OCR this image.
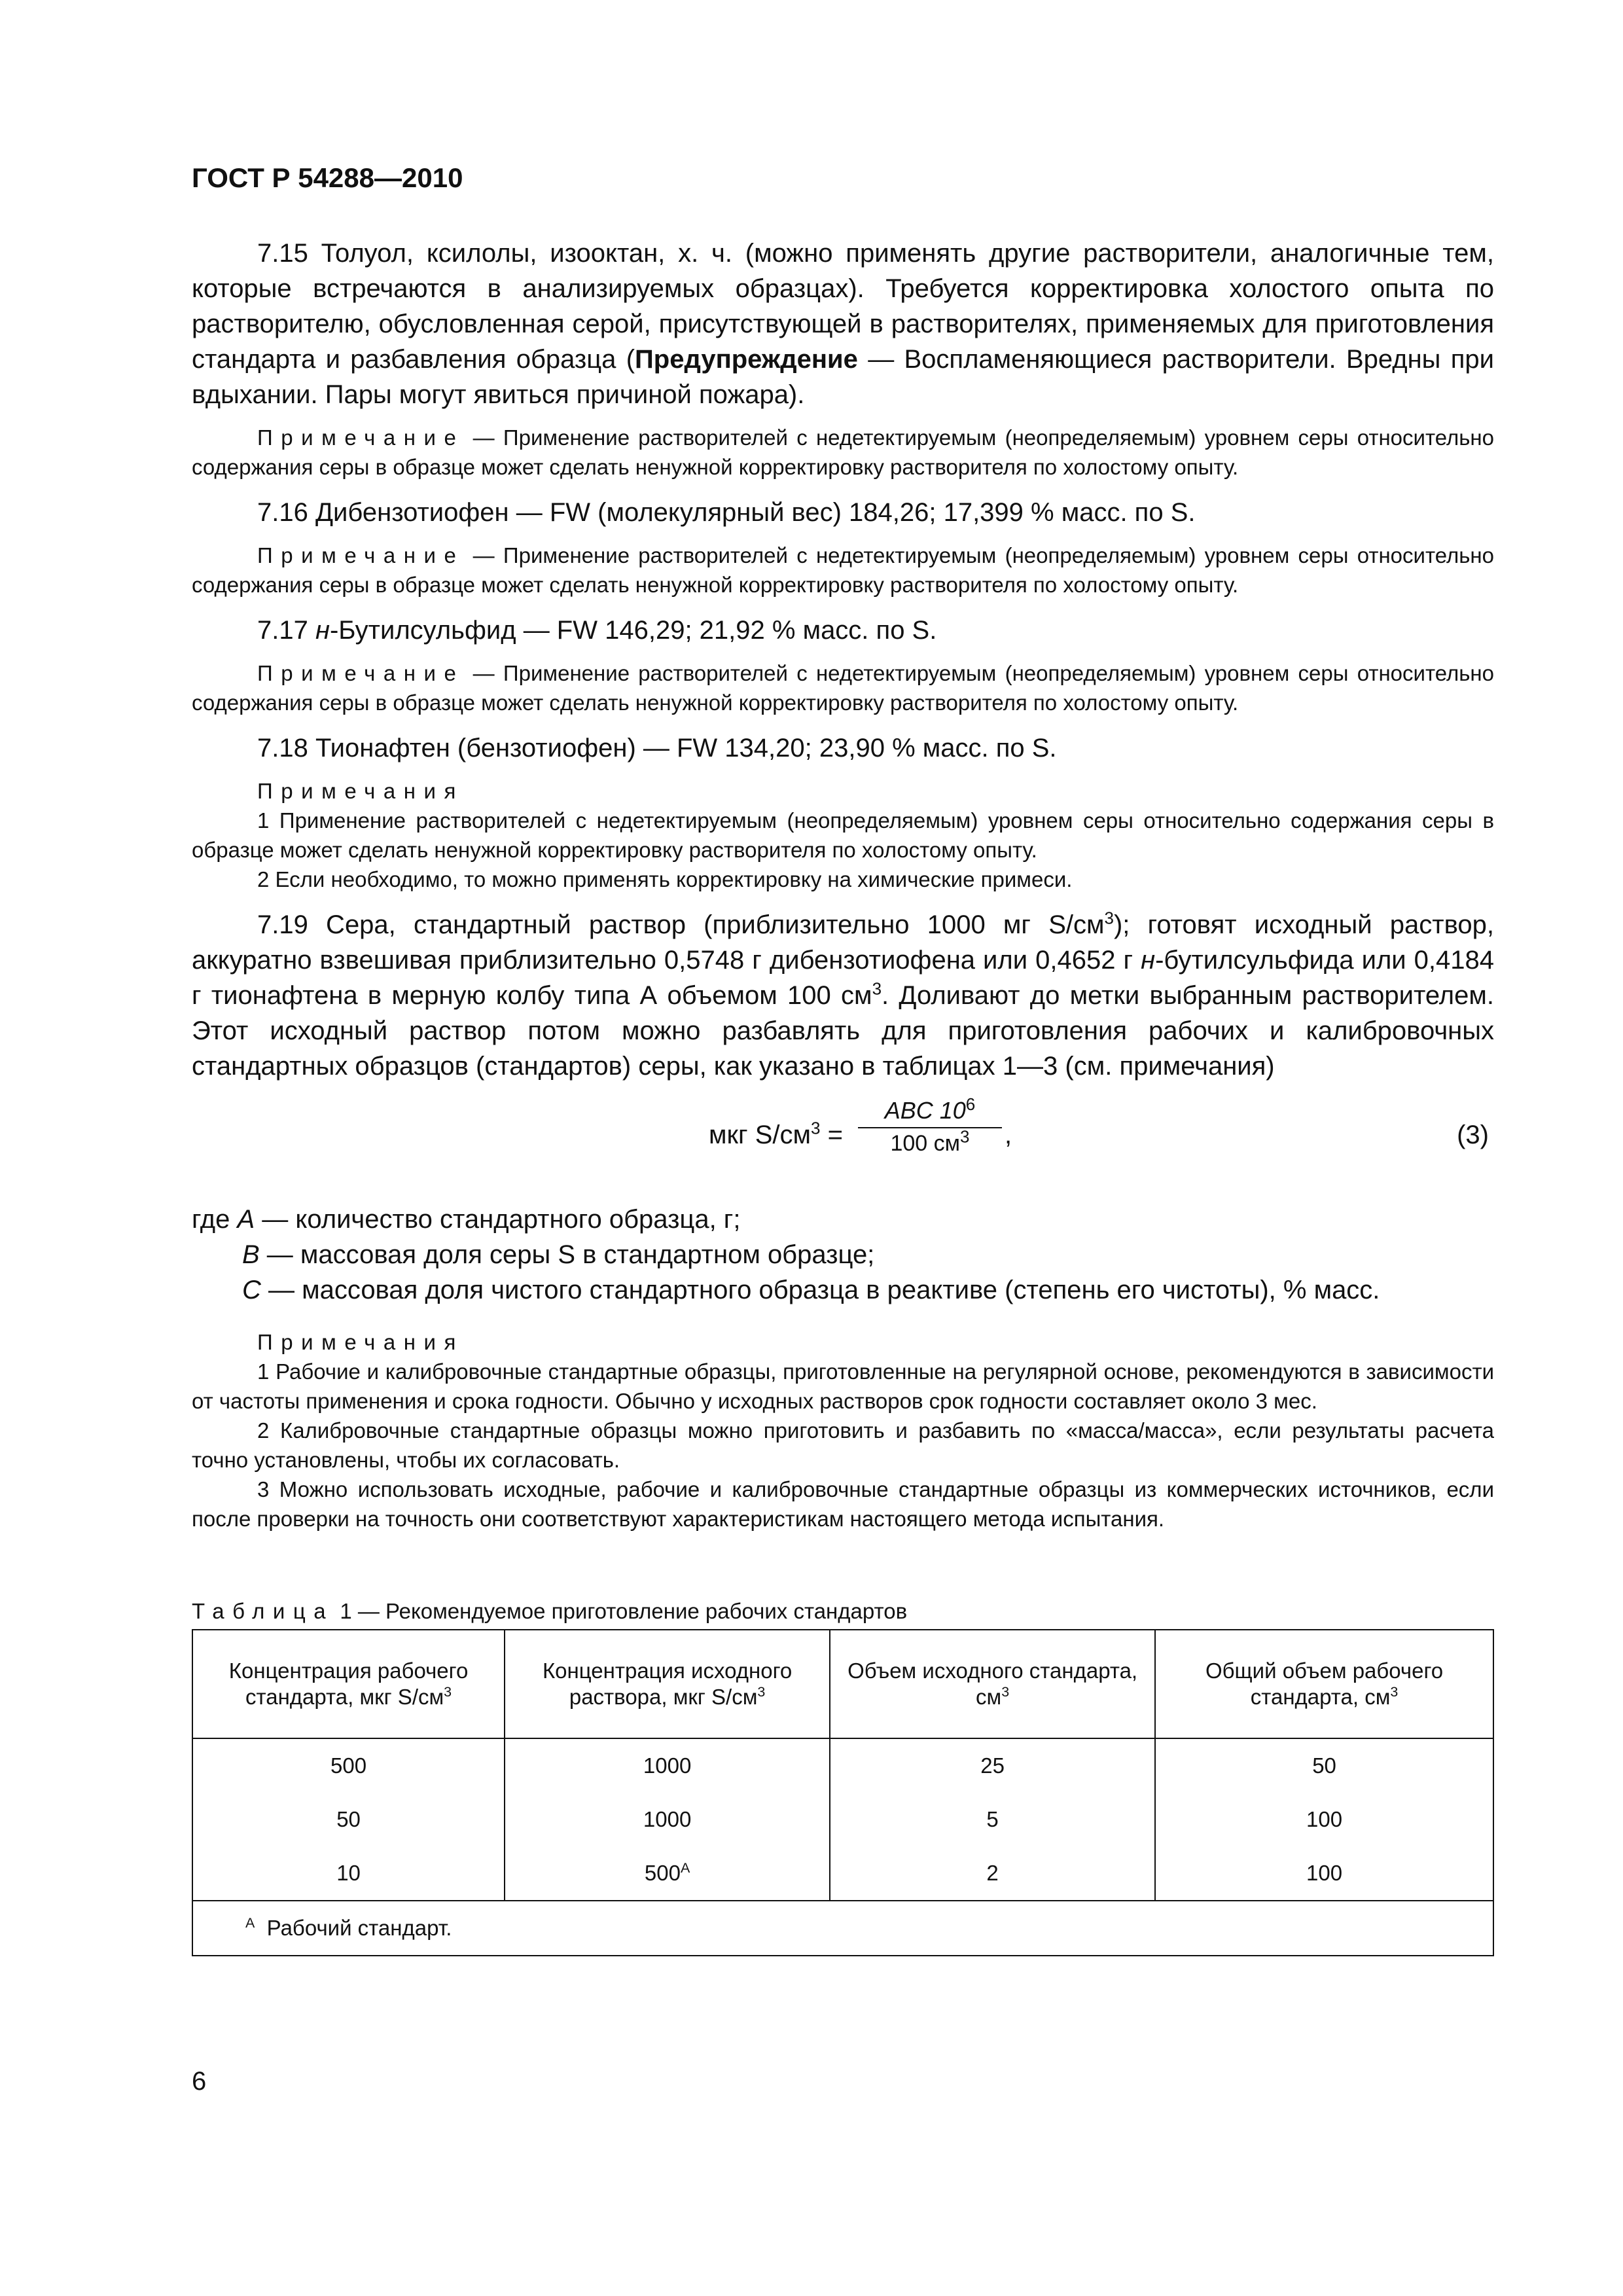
ГОСТ Р 54288—2010

7.15 Толуол, ксилолы, изооктан, х. ч. (можно применять другие растворители, аналогичные тем, которые встречаются в анализируемых образцах). Требуется корректировка холостого опыта по растворителю, обусловленная серой, присутствующей в растворителях, применяемых для приготовления стандарта и разбавления образца (Предупреждение — Воспламеняющиеся растворители. Вредны при вдыхании. Пары могут явиться причиной пожара).

Примечание — Применение растворителей с недетектируемым (неопределяемым) уровнем серы относительно содержания серы в образце может сделать ненужной корректировку растворителя по холостому опыту.

7.16 Дибензотиофен — FW (молекулярный вес) 184,26; 17,399 % масс. по S.

Примечание — Применение растворителей с недетектируемым (неопределяемым) уровнем серы относительно содержания серы в образце может сделать ненужной корректировку растворителя по холостому опыту.

7.17 н-Бутилсульфид — FW 146,29; 21,92 % масс. по S.

Примечание — Применение растворителей с недетектируемым (неопределяемым) уровнем серы относительно содержания серы в образце может сделать ненужной корректировку растворителя по холостому опыту.

7.18 Тионафтен (бензотиофен) — FW 134,20; 23,90 % масс. по S.

Примечания

1 Применение растворителей с недетектируемым (неопределяемым) уровнем серы относительно содержания серы в образце может сделать ненужной корректировку растворителя по холостому опыту.

2 Если необходимо, то можно применять корректировку на химические примеси.

7.19 Сера, стандартный раствор (приблизительно 1000 мг $S/см^3$); готовят исходный раствор, аккуратно взвешивая приблизительно 0,5748 г дибензотиофена или 0,4652 г н-бутилсульфида или 0,4184 г тионафтена в мерную колбу типа А объемом 100 $см^3$. Доливают до метки выбранным растворителем. Этот исходный раствор потом можно разбавлять для приготовления рабочих и калибровочных стандартных образцов (стандартов) серы, как указано в таблицах 1—3 (см. примечания)

мкг $S/см^3$ =
ABC $10^6$
100 $см^3$	,	(3)

где A — количество стандартного образца, г;

B — массовая доля серы S в стандартном образце;

C — массовая доля чистого стандартного образца в реактиве (степень его чистоты), % масс.

Примечания

1 Рабочие и калибровочные стандартные образцы, приготовленные на регулярной основе, рекомендуются в зависимости от частоты применения и срока годности. Обычно у исходных растворов срок годности составляет около 3 мес.

2 Калибровочные стандартные образцы можно приготовить и разбавить по «масса/масса», если результаты расчета точно установлены, чтобы их согласовать.

3 Можно использовать исходные, рабочие и калибровочные стандартные образцы из коммерческих источников, если после проверки на точность они соответствуют характеристикам настоящего метода испытания.

Таблица 1 — Рекомендуемое приготовление рабочих стандартов

Концентрация рабочего стандарта, мкг $S/см^3$	Концентрация исходного раствора, мкг $S/см^3$	Объем исходного стандарта, $см^3$	Общий объем рабочего стандарта, $см^3$
500	1000	25	50
50	1000	5	100
10	$500^A$	2	100
$^A$ Рабочий стандарт.			
6
